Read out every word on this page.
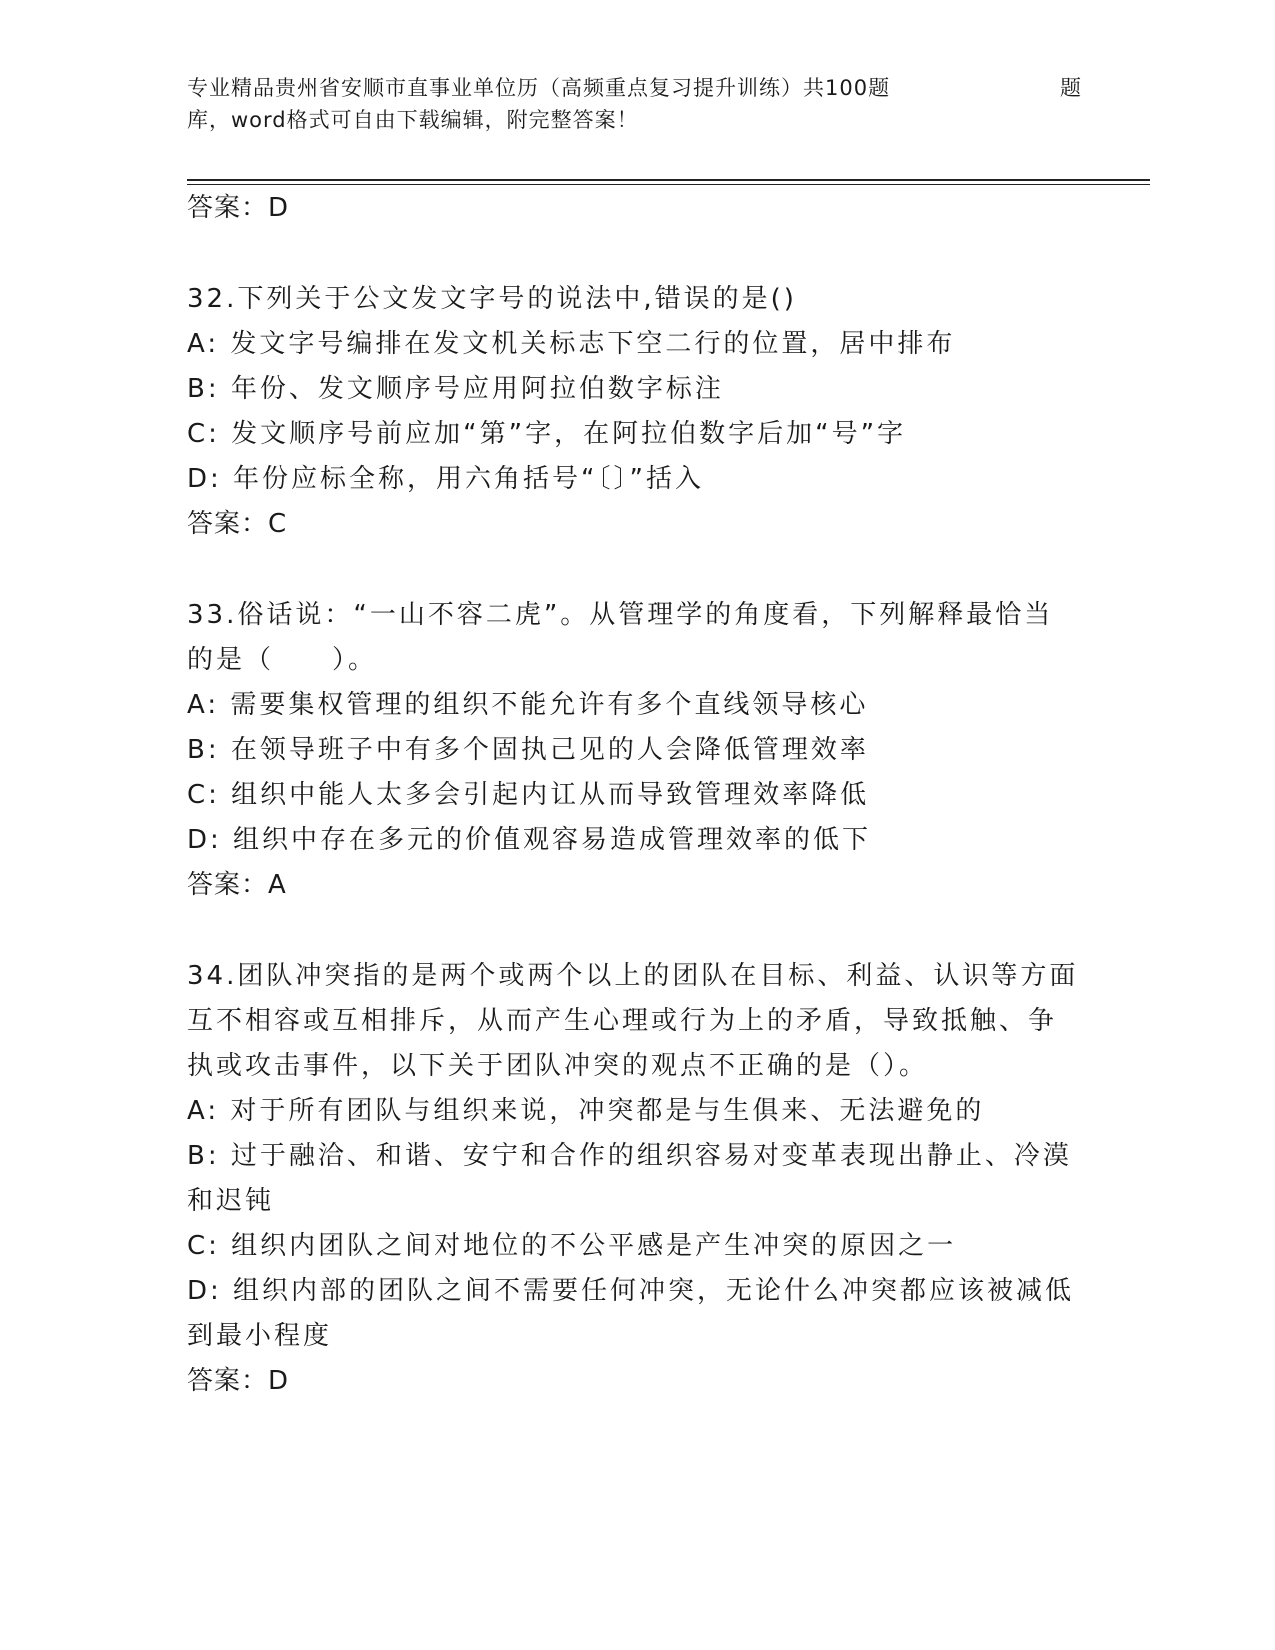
专业精品贵州省安顺市直事业单位历（高频重点复习提升训练）共100题	题
库，word格式可自由下载编辑，附完整答案！
答案：D
32.下列关于公文发文字号的说法中,错误的是()
A: 发文字号编排在发文机关标志下空二行的位置，居中排布
B: 年份、发文顺序号应用阿拉伯数字标注
C: 发文顺序号前应加“第”字，在阿拉伯数字后加“号”字
D: 年份应标全称，用六角括号“〔〕”括入
答案：C
33.俗话说：“一山不容二虎”。从管理学的角度看，下列解释最恰当
的是（　　）。
A: 需要集权管理的组织不能允许有多个直线领导核心
B: 在领导班子中有多个固执己见的人会降低管理效率
C: 组织中能人太多会引起内讧从而导致管理效率降低
D: 组织中存在多元的价值观容易造成管理效率的低下
答案：A
34.团队冲突指的是两个或两个以上的团队在目标、利益、认识等方面
互不相容或互相排斥，从而产生心理或行为上的矛盾，导致抵触、争
执或攻击事件，以下关于团队冲突的观点不正确的是（）。
A: 对于所有团队与组织来说，冲突都是与生俱来、无法避免的
B: 过于融洽、和谐、安宁和合作的组织容易对变革表现出静止、冷漠
和迟钝
C: 组织内团队之间对地位的不公平感是产生冲突的原因之一
D: 组织内部的团队之间不需要任何冲突，无论什么冲突都应该被减低
到最小程度
答案：D
